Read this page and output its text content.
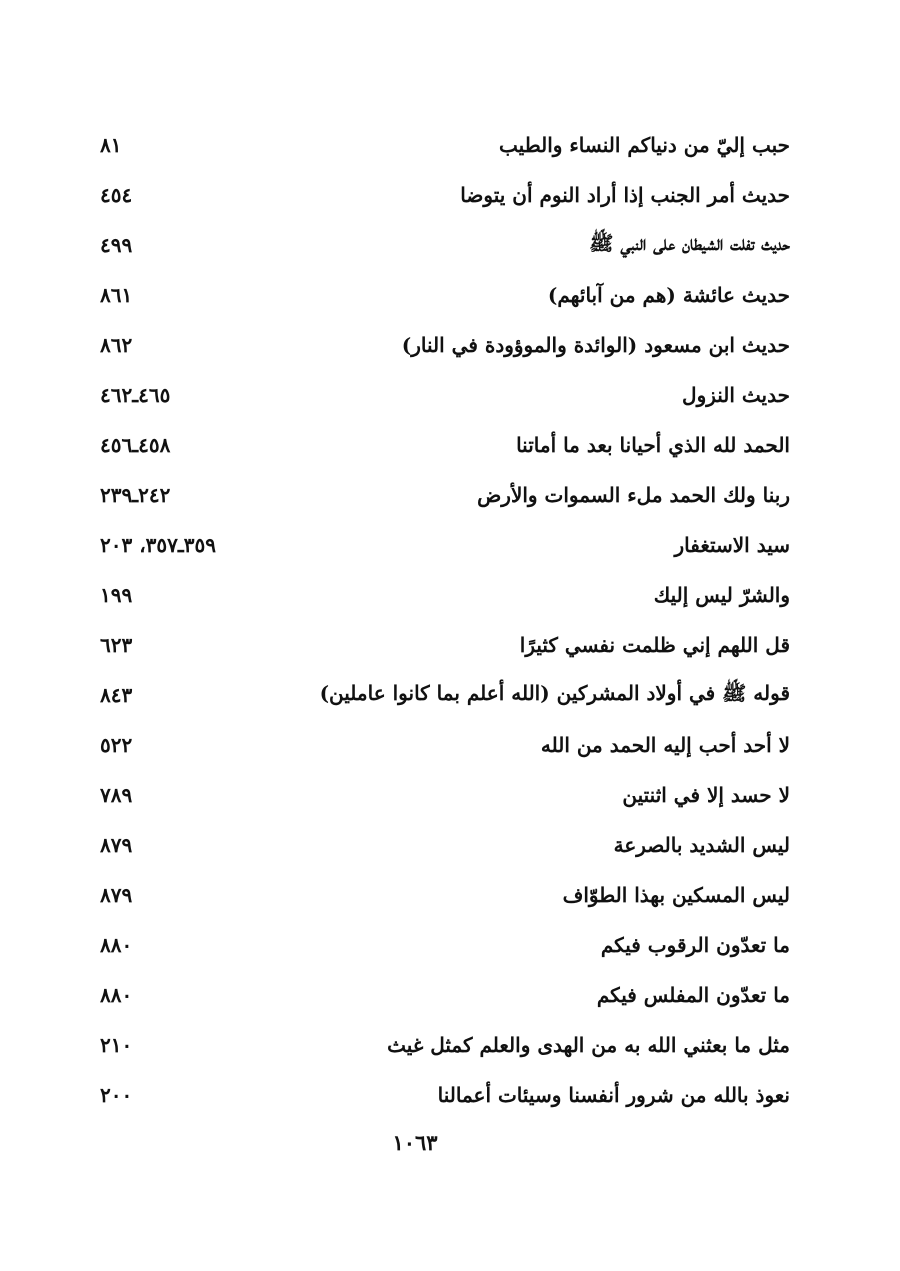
حبب إليّ من دنياكم النساء والطيب
٨١
حديث أمر الجنب إذا أراد النوم أن يتوضا
٤٥٤
حديث تفلت الشيطان على النبي ﷺ
٤٩٩
حديث عائشة (هم من آبائهم)
٨٦١
حديث ابن مسعود (الوائدة والموؤودة في النار)
٨٦٢
حديث النزول
٤٦٥ـ٤٦٢
الحمد لله الذي أحيانا بعد ما أماتنا
٤٥٨ـ٤٥٦
ربنا ولك الحمد ملء السموات والأرض
٢٤٢ـ٢٣٩
سيد الاستغفار
٣٥٩ـ٣٥٧، ٢٠٣
والشرّ ليس إليك
١٩٩
قل اللهم إني ظلمت نفسي كثيرًا
٦٢٣
قوله ﷺ في أولاد المشركين (الله أعلم بما كانوا عاملين)
٨٤٣
لا أحد أحب إليه الحمد من الله
٥٢٢
لا حسد إلا في اثنتين
٧٨٩
ليس الشديد بالصرعة
٨٧٩
ليس المسكين بهذا الطوّاف
٨٧٩
ما تعدّون الرقوب فيكم
٨٨٠
ما تعدّون المفلس فيكم
٨٨٠
مثل ما بعثني الله به من الهدى والعلم كمثل غيث
٢١٠
نعوذ بالله من شرور أنفسنا وسيئات أعمالنا
٢٠٠
١٠٦٣
